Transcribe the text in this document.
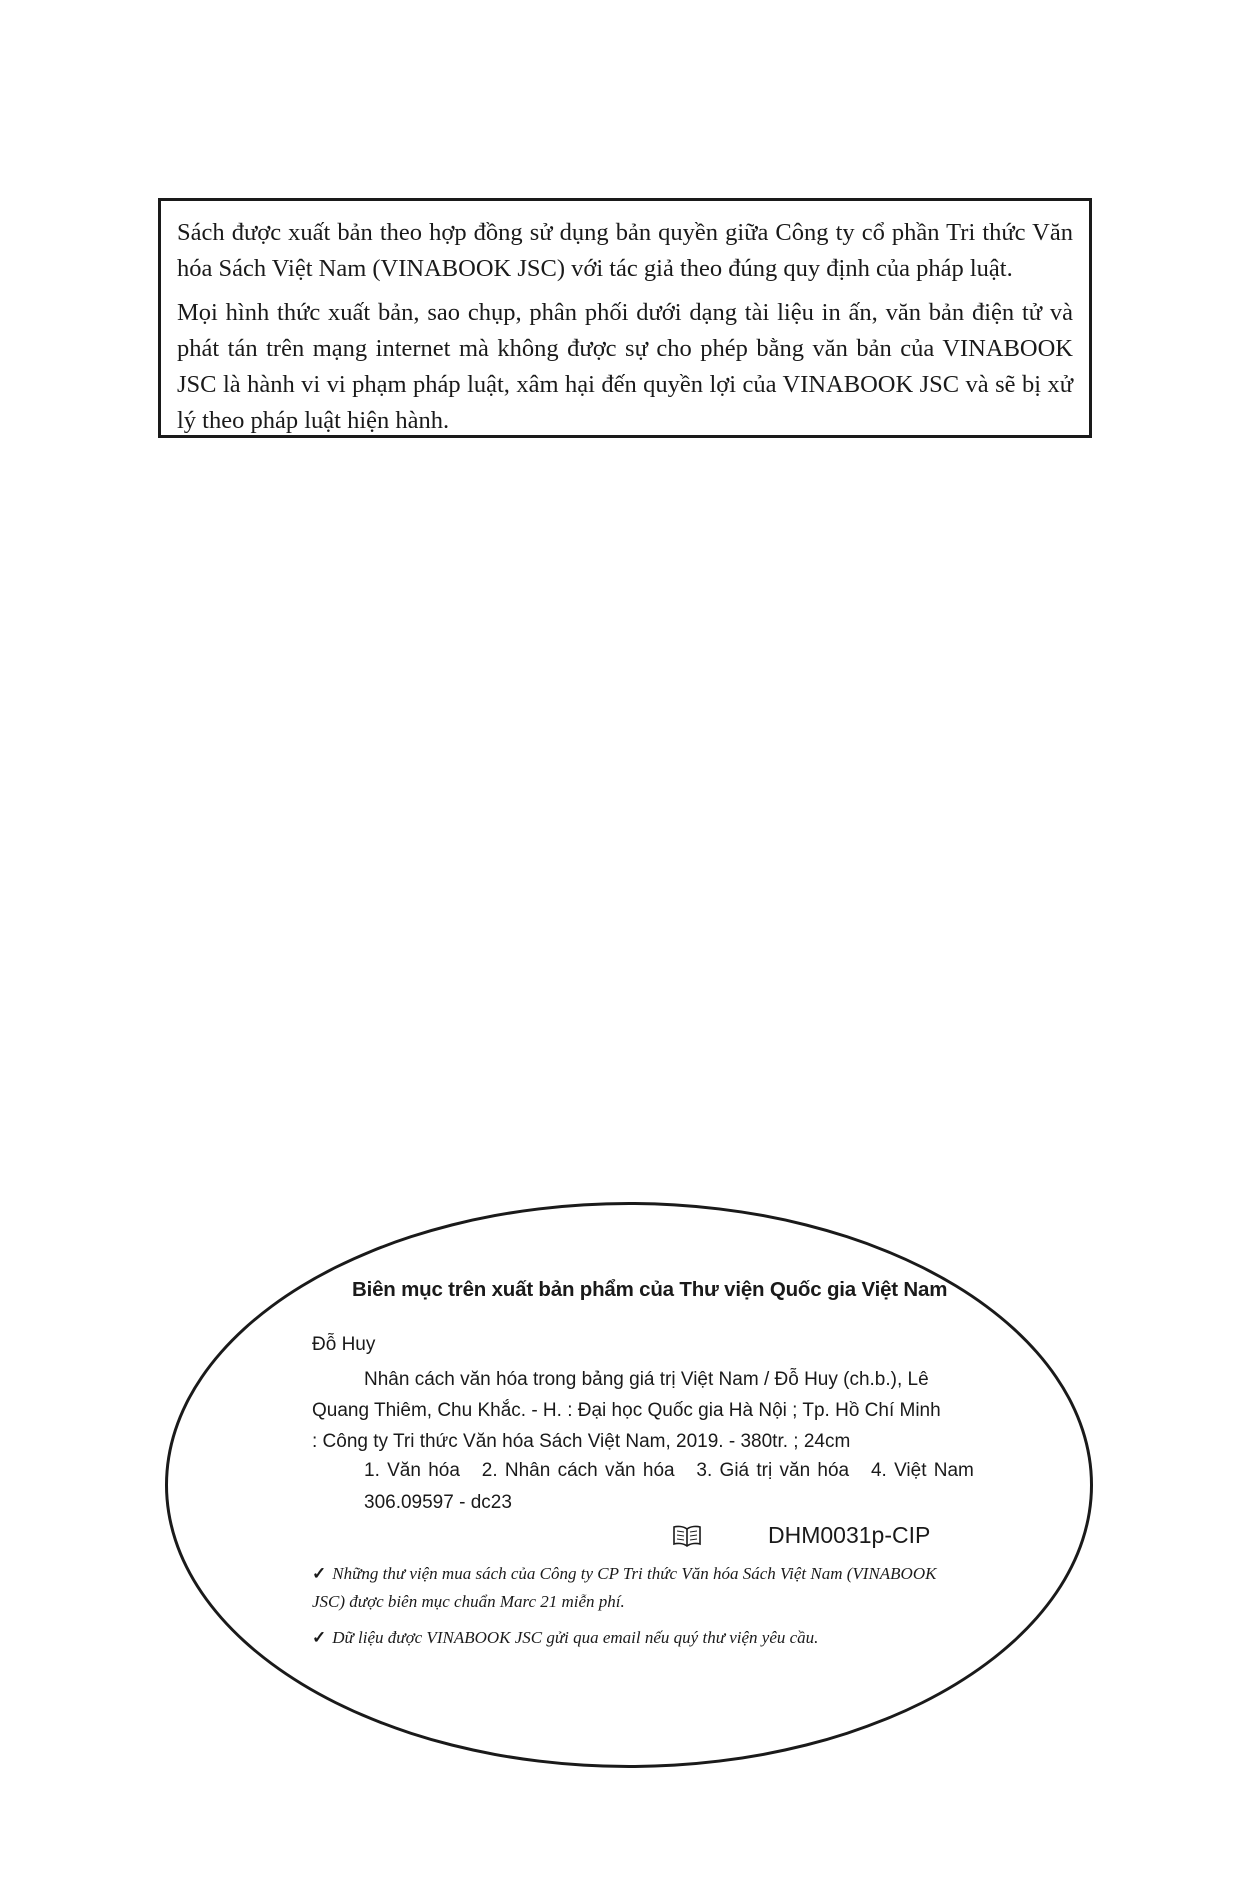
Sách được xuất bản theo hợp đồng sử dụng bản quyền giữa Công ty cổ phần Tri thức Văn hóa Sách Việt Nam (VINABOOK JSC) với tác giả theo đúng quy định của pháp luật.

Mọi hình thức xuất bản, sao chụp, phân phối dưới dạng tài liệu in ấn, văn bản điện tử và phát tán trên mạng internet mà không được sự cho phép bằng văn bản của VINABOOK JSC là hành vi vi phạm pháp luật, xâm hại đến quyền lợi của VINABOOK JSC và sẽ bị xử lý theo pháp luật hiện hành.

Biên mục trên xuất bản phẩm của Thư viện Quốc gia Việt Nam
Đỗ Huy
Nhân cách văn hóa trong bảng giá trị Việt Nam / Đỗ Huy (ch.b.), Lê Quang Thiêm, Chu Khắc. - H. : Đại học Quốc gia Hà Nội ; Tp. Hồ Chí Minh : Công ty Tri thức Văn hóa Sách Việt Nam, 2019. - 380tr. ; 24cm
1. Văn hóa   2. Nhân cách văn hóa   3. Giá trị văn hóa   4. Việt Nam
306.09597 - dc23
DHM0031p-CIP
✓ Những thư viện mua sách của Công ty CP Tri thức Văn hóa Sách Việt Nam (VINABOOK JSC) được biên mục chuẩn Marc 21 miễn phí.
✓ Dữ liệu được VINABOOK JSC gửi qua email nếu quý thư viện yêu cầu.
